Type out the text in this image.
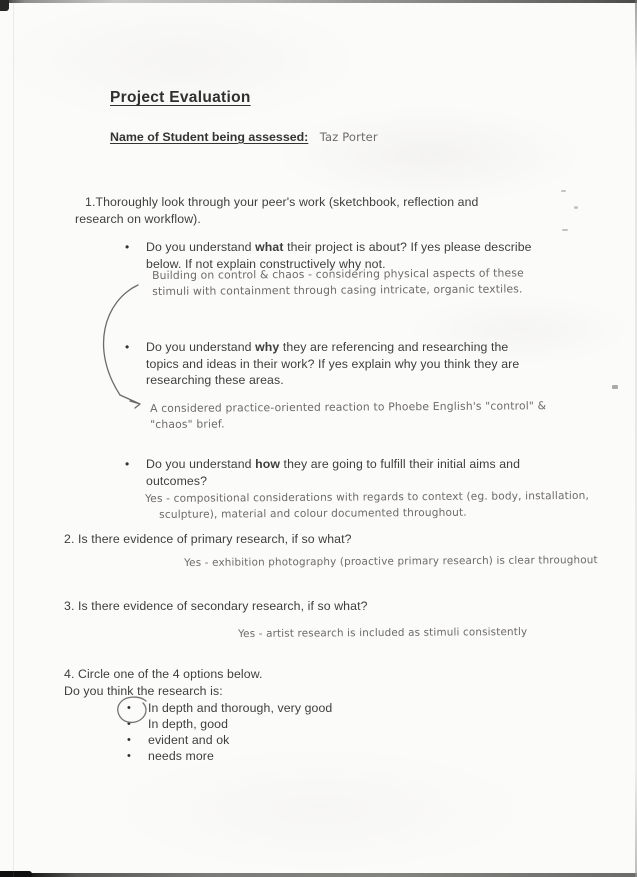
Project Evaluation
Name of Student being assessed: Taz Porter
1.Thoroughly look through your peer's work (sketchbook, reflection and
research on workflow).
•	Do you understand what their project is about? If yes please describe
below. If not explain constructively why not.
Building on control & chaos - considering physical aspects of these
stimuli with containment through casing intricate, organic textiles.
•	Do you understand why they are referencing and researching the
topics and ideas in their work? If yes explain why you think they are
researching these areas.
A considered practice-oriented reaction to Phoebe English's "control" &
"chaos" brief.
•	Do you understand how they are going to fulfill their initial aims and
outcomes?
Yes - compositional considerations with regards to context (eg. body, installation,
sculpture), material and colour documented throughout.
2. Is there evidence of primary research, if so what?
Yes - exhibition photography (proactive primary research) is clear throughout
3. Is there evidence of secondary research, if so what?
Yes - artist research is included as stimuli consistently
4. Circle one of the 4 options below.
Do you think the research is:
•	In depth and thorough, very good
•	In depth, good
•	evident and ok
•	needs more
